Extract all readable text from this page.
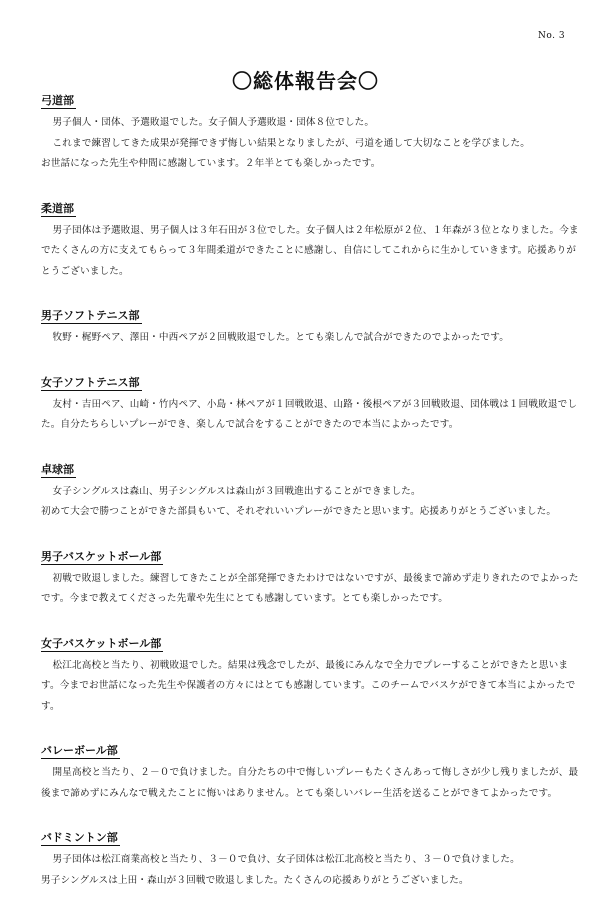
No. 3
〇総体報告会〇
弓道部

男子個人・団体、予選敗退でした。女子個人予選敗退・団体８位でした。

これまで練習してきた成果が発揮できず悔しい結果となりましたが、弓道を通して大切なことを学びました。

お世話になった先生や仲間に感謝しています。２年半とても楽しかったです。

柔道部

男子団体は予選敗退、男子個人は３年石田が３位でした。女子個人は２年松原が２位、１年森が３位となりました。今までたくさんの方に支えてもらって３年間柔道ができたことに感謝し、自信にしてこれからに生かしていきます。応援ありがとうございました。

男子ソフトテニス部

牧野・梶野ペア、澤田・中西ペアが２回戦敗退でした。とても楽しんで試合ができたのでよかったです。

女子ソフトテニス部

友村・吉田ペア、山崎・竹内ペア、小島・林ペアが１回戦敗退、山路・後根ペアが３回戦敗退、団体戦は１回戦敗退でした。自分たちらしいプレーができ、楽しんで試合をすることができたので本当によかったです。

卓球部

女子シングルスは森山、男子シングルスは森山が３回戦進出することができました。

初めて大会で勝つことができた部員もいて、それぞれいいプレーができたと思います。応援ありがとうございました。

男子バスケットボール部

初戦で敗退しました。練習してきたことが全部発揮できたわけではないですが、最後まで諦めず走りきれたのでよかったです。今まで教えてくださった先輩や先生にとても感謝しています。とても楽しかったです。

女子バスケットボール部

松江北高校と当たり、初戦敗退でした。結果は残念でしたが、最後にみんなで全力でプレーすることができたと思います。今までお世話になった先生や保護者の方々にはとても感謝しています。このチームでバスケができて本当によかったです。

バレーボール部

開星高校と当たり、２－０で負けました。自分たちの中で悔しいプレーもたくさんあって悔しさが少し残りましたが、最後まで諦めずにみんなで戦えたことに悔いはありません。とても楽しいバレー生活を送ることができてよかったです。

バドミントン部

男子団体は松江商業高校と当たり、３－０で負け、女子団体は松江北高校と当たり、３－０で負けました。

男子シングルスは上田・森山が３回戦で敗退しました。たくさんの応援ありがとうございました。
